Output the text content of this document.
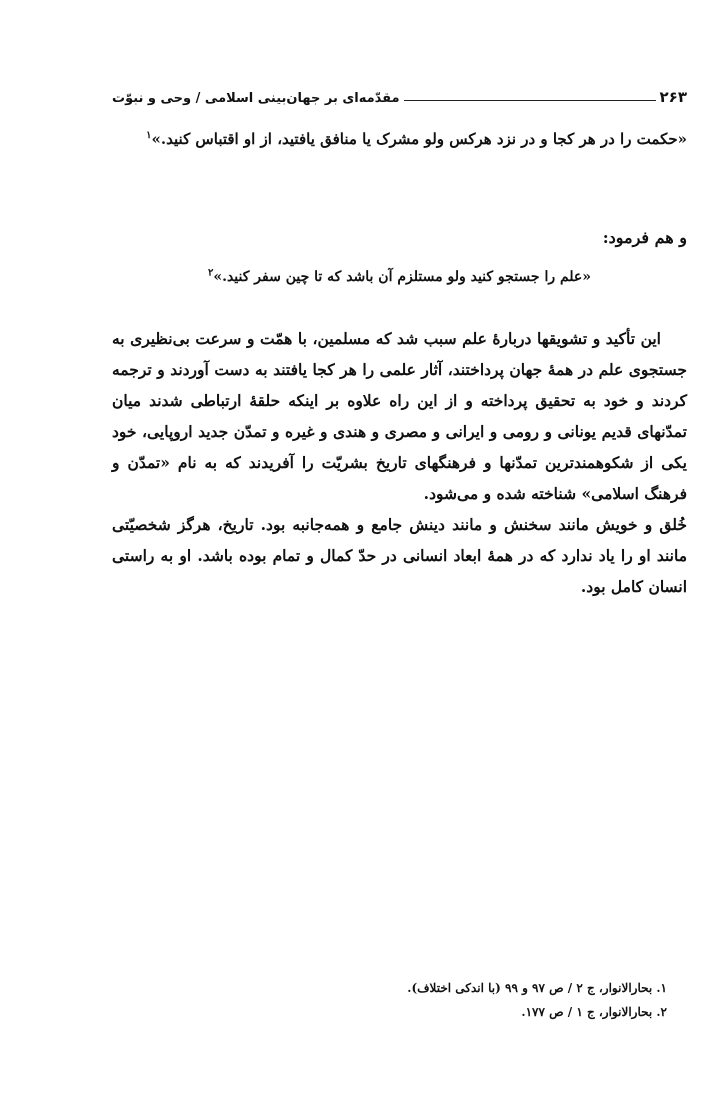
مقدّمه‌ای بر جهان‌بینی اسلامی / وحی و نبوّت	۲۶۳
«حکمت را در هر کجا و در نزد هرکس ولو مشرک یا منافق یافتید، از او اقتباس کنید.»$^۱$
و هم فرمود:
«علم را جستجو کنید ولو مستلزم آن باشد که تا چین سفر کنید.»$^۲$

این تأکید و تشویقها دربارهٔ علم سبب شد که مسلمین، با همّت و سرعت بی‌نظیری به جستجوی علم در همهٔ جهان پرداختند، آثار علمی را هر کجا یافتند به دست آوردند و ترجمه کردند و خود به تحقیق پرداخته و از این راه علاوه بر اینکه حلقهٔ ارتباطی شدند میان تمدّنهای قدیم یونانی و رومی و ایرانی و مصری و هندی و غیره و تمدّن جدید اروپایی، خود یکی از شکوهمندترین تمدّنها و فرهنگهای تاریخ بشریّت را آفریدند که به نام «تمدّن و فرهنگ اسلامی» شناخته شده و می‌شود.

خُلق و خویش مانند سخنش و مانند دینش جامع و همه‌جانبه بود. تاریخ، هرگز شخصیّتی مانند او را یاد ندارد که در همهٔ ابعاد انسانی در حدّ کمال و تمام بوده باشد. او به راستی انسان کامل بود.

۱. بحارالانوار، ج ۲ / ص ۹۷ و ۹۹ (با اندکی اختلاف).
۲. بحارالانوار، ج ۱ / ص ۱۷۷.
